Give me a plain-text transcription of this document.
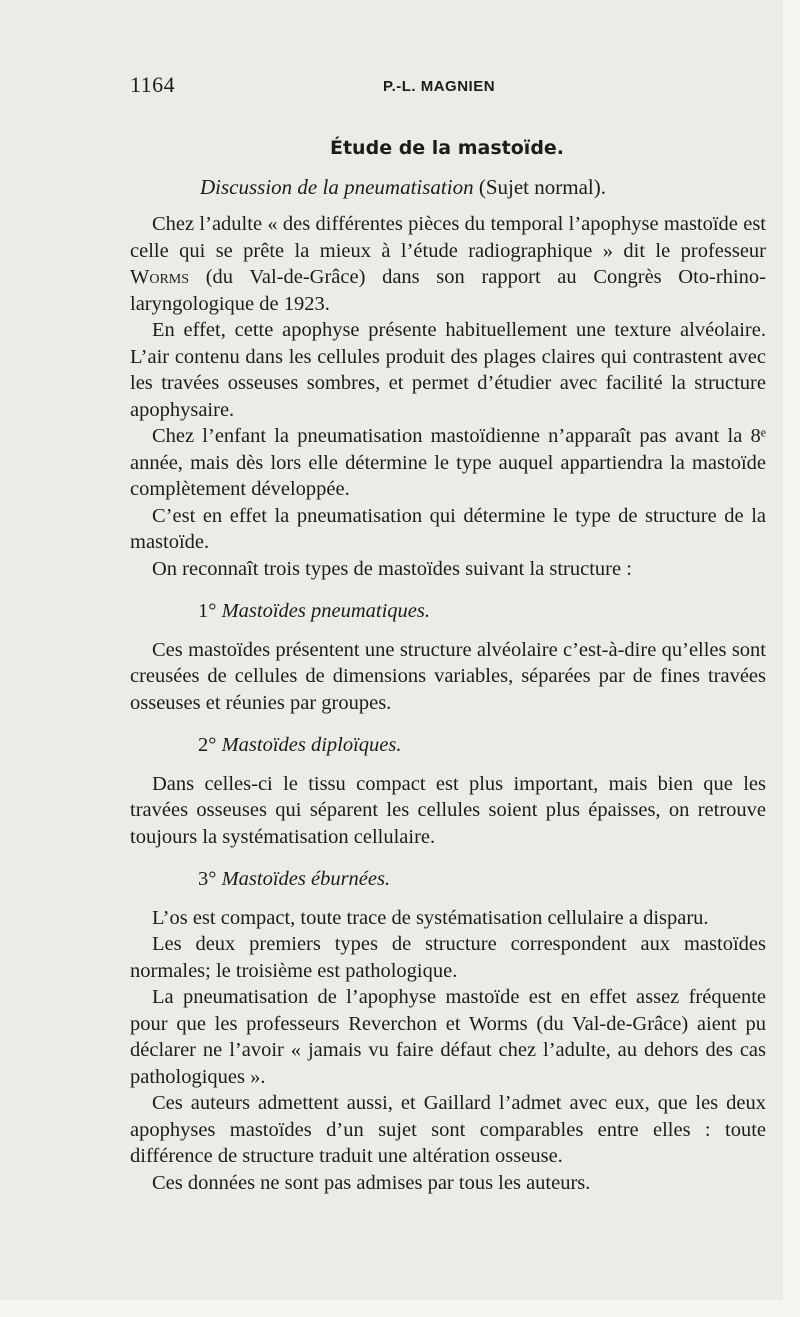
1164	P.-L. MAGNIEN
Étude de la mastoïde.
Discussion de la pneumatisation (Sujet normal).

Chez l’adulte « des différentes pièces du temporal l’apophyse mastoïde est celle qui se prête la mieux à l’étude radiographique » dit le professeur Worms (du Val-de-Grâce) dans son rapport au Congrès Oto-rhino-laryngologique de 1923.

En effet, cette apophyse présente habituellement une texture alvéolaire. L’air contenu dans les cellules produit des plages claires qui contrastent avec les travées osseuses sombres, et permet d’étudier avec facilité la structure apophysaire.

Chez l’enfant la pneumatisation mastoïdienne n’apparaît pas avant la 8ᵉ année, mais dès lors elle détermine le type auquel appartiendra la mastoïde complètement développée.

C’est en effet la pneumatisation qui détermine le type de structure de la mastoïde.

On reconnaît trois types de mastoïdes suivant la structure :

1° Mastoïdes pneumatiques.

Ces mastoïdes présentent une structure alvéolaire c’est-à-dire qu’elles sont creusées de cellules de dimensions variables, séparées par de fines travées osseuses et réunies par groupes.

2° Mastoïdes diploïques.

Dans celles-ci le tissu compact est plus important, mais bien que les travées osseuses qui séparent les cellules soient plus épaisses, on retrouve toujours la systématisation cellulaire.

3° Mastoïdes éburnées.

L’os est compact, toute trace de systématisation cellulaire a disparu.

Les deux premiers types de structure correspondent aux mastoïdes normales; le troisième est pathologique.

La pneumatisation de l’apophyse mastoïde est en effet assez fréquente pour que les professeurs Reverchon et Worms (du Val-de-Grâce) aient pu déclarer ne l’avoir « jamais vu faire défaut chez l’adulte, au dehors des cas pathologiques ».

Ces auteurs admettent aussi, et Gaillard l’admet avec eux, que les deux apophyses mastoïdes d’un sujet sont comparables entre elles : toute différence de structure traduit une altération osseuse.

Ces données ne sont pas admises par tous les auteurs.
